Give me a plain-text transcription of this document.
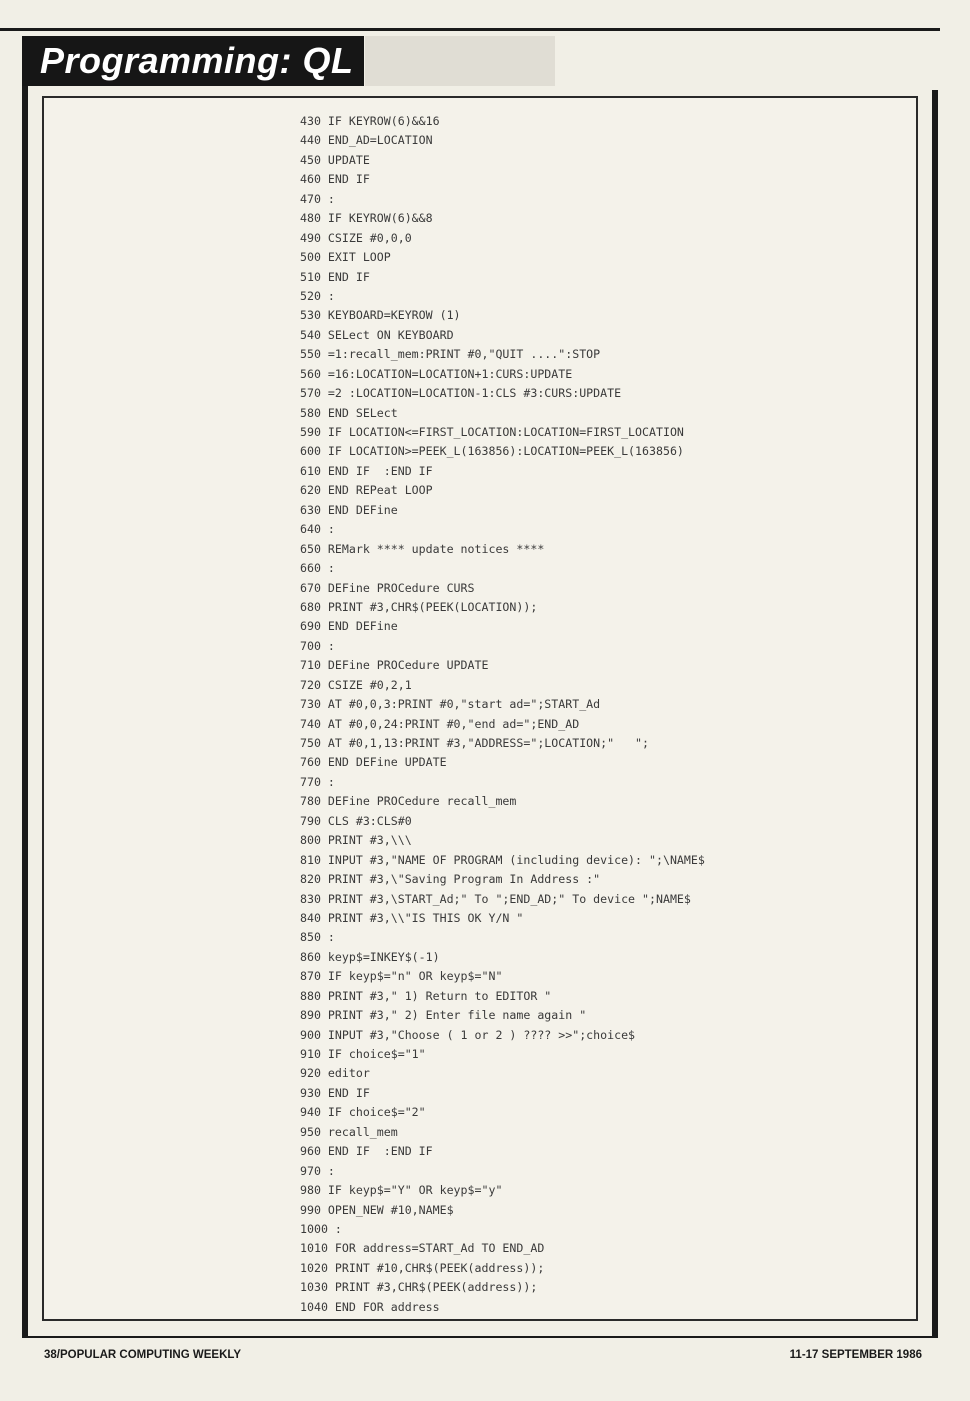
Programming: QL
430 IF KEYROW(6)&&16
440 END_AD=LOCATION
450 UPDATE
460 END IF
470 :
480 IF KEYROW(6)&&8
490 CSIZE #0,0,0
500 EXIT LOOP
510 END IF
520 :
530 KEYBOARD=KEYROW (1)
540 SELect ON KEYBOARD
550 =1:recall_mem:PRINT #0,"QUIT ....":STOP
560 =16:LOCATION=LOCATION+1:CURS:UPDATE
570 =2 :LOCATION=LOCATION-1:CLS #3:CURS:UPDATE
580 END SELect
590 IF LOCATION<=FIRST_LOCATION:LOCATION=FIRST_LOCATION
600 IF LOCATION>=PEEK_L(163856):LOCATION=PEEK_L(163856)
610 END IF  :END IF
620 END REPeat LOOP
630 END DEFine
640 :
650 REMark **** update notices ****
660 :
670 DEFine PROCedure CURS
680 PRINT #3,CHR$(PEEK(LOCATION));
690 END DEFine
700 :
710 DEFine PROCedure UPDATE
720 CSIZE #0,2,1
730 AT #0,0,3:PRINT #0,"start ad=";START_Ad
740 AT #0,0,24:PRINT #0,"end ad=";END_AD
750 AT #0,1,13:PRINT #3,"ADDRESS=";LOCATION;"   ";
760 END DEFine UPDATE
770 :
780 DEFine PROCedure recall_mem
790 CLS #3:CLS#0
800 PRINT #3,\\\
810 INPUT #3,"NAME OF PROGRAM (including device): ";\NAME$
820 PRINT #3,\"Saving Program In Address :"
830 PRINT #3,\START_Ad;" To ";END_AD;" To device ";NAME$
840 PRINT #3,\\"IS THIS OK Y/N "
850 :
860 keyp$=INKEY$(-1)
870 IF keyp$="n" OR keyp$="N"
880 PRINT #3," 1) Return to EDITOR "
890 PRINT #3," 2) Enter file name again "
900 INPUT #3,"Choose ( 1 or 2 ) ???? >>";choice$
910 IF choice$="1"
920 editor
930 END IF
940 IF choice$="2"
950 recall_mem
960 END IF  :END IF
970 :
980 IF keyp$="Y" OR keyp$="y"
990 OPEN_NEW #10,NAME$
1000 :
1010 FOR address=START_Ad TO END_AD
1020 PRINT #10,CHR$(PEEK(address));
1030 PRINT #3,CHR$(PEEK(address));
1040 END FOR address
38/POPULAR COMPUTING WEEKLY	11-17 SEPTEMBER 1986
